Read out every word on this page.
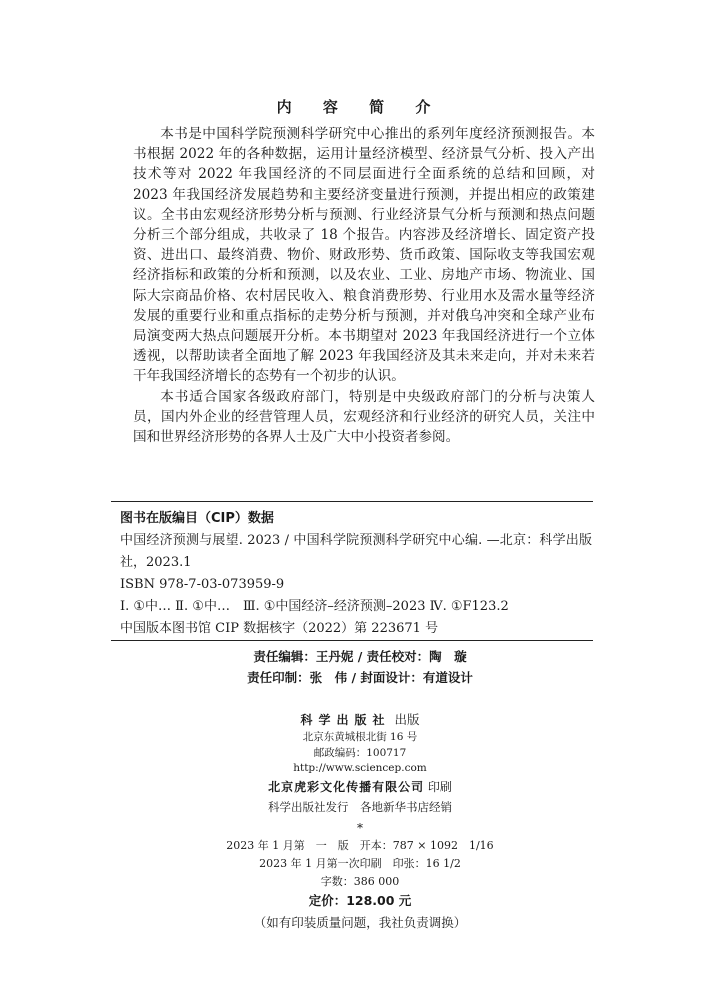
内 容 简 介

本书是中国科学院预测科学研究中心推出的系列年度经济预测报告。本书根据 2022 年的各种数据，运用计量经济模型、经济景气分析、投入产出技术等对 2022 年我国经济的不同层面进行全面系统的总结和回顾，对 2023 年我国经济发展趋势和主要经济变量进行预测，并提出相应的政策建议。全书由宏观经济形势分析与预测、行业经济景气分析与预测和热点问题分析三个部分组成，共收录了 18 个报告。内容涉及经济增长、固定资产投资、进出口、最终消费、物价、财政形势、货币政策、国际收支等我国宏观经济指标和政策的分析和预测，以及农业、工业、房地产市场、物流业、国际大宗商品价格、农村居民收入、粮食消费形势、行业用水及需水量等经济发展的重要行业和重点指标的走势分析与预测，并对俄乌冲突和全球产业布局演变两大热点问题展开分析。本书期望对 2023 年我国经济进行一个立体透视，以帮助读者全面地了解 2023 年我国经济及其未来走向，并对未来若干年我国经济增长的态势有一个初步的认识。

本书适合国家各级政府部门，特别是中央级政府部门的分析与决策人员，国内外企业的经营管理人员，宏观经济和行业经济的研究人员，关注中国和世界经济形势的各界人士及广大中小投资者参阅。

图书在版编目（CIP）数据
中国经济预测与展望. 2023 / 中国科学院预测科学研究中心编. —北京：科学出版社，2023.1
ISBN 978-7-03-073959-9
Ⅰ. ①中… Ⅱ. ①中…　Ⅲ. ①中国经济–经济预测–2023 Ⅳ. ①F123.2
中国版本图书馆 CIP 数据核字（2022）第 223671 号
责任编辑：王丹妮 / 责任校对：陶　璇
责任印制：张　伟 / 封面设计：有道设计
科学出版社 出版
北京东黄城根北街 16 号
邮政编码：100717
http://www.sciencep.com
北京虎彩文化传播有限公司 印刷
科学出版社发行　各地新华书店经销
*
2023 年 1 月第　一　版　开本：787 × 1092　1/16
2023 年 1 月第一次印刷　印张：16 1/2
字数：386 000
定价：128.00 元
（如有印装质量问题，我社负责调换）
